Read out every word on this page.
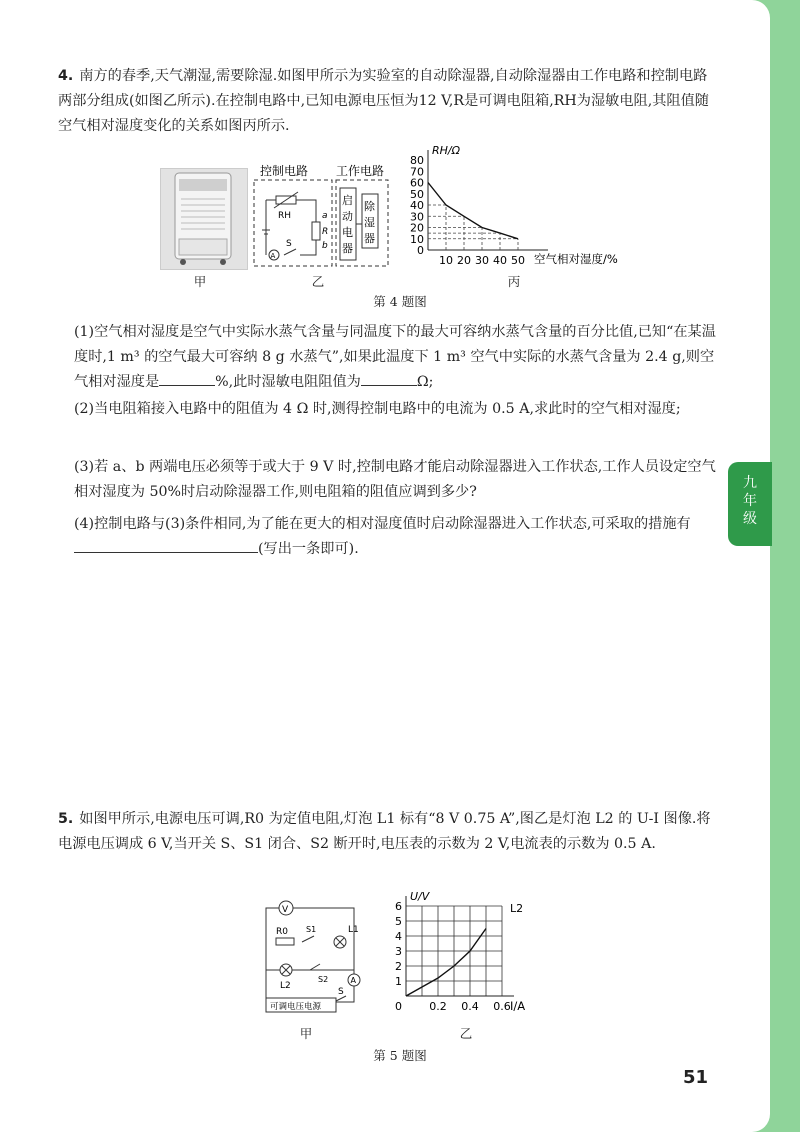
九
年
级
4. 南方的春季,天气潮湿,需要除湿.如图甲所示为实验室的自动除湿器,自动除湿器由工作电路和控制电路两部分组成(如图乙所示).在控制电路中,已知电源电压恒为12 V,R是可调电阻箱,RH为湿敏电阻,其阻值随空气相对湿度变化的关系如图丙所示.
甲
控制电路 工作电路
RH	a
R
b
A
S
启
动
电
器
除
湿
器
乙
0
10
20
30
40
50
60
70
80
10 20 30 40 50
RH/Ω
空气相对湿度/%
丙
第 4 题图
(1)空气相对湿度是空气中实际水蒸气含量与同温度下的最大可容纳水蒸气含量的百分比值,已知“在某温度时,1 m³ 的空气最大可容纳 8 g 水蒸气”,如果此温度下 1 m³ 空气中实际的水蒸气含量为 2.4 g,则空气相对湿度是	%,此时湿敏电阻阻值为	Ω;
(2)当电阻箱接入电路中的阻值为 4 Ω 时,测得控制电路中的电流为 0.5 A,求此时的空气相对湿度;
(3)若 a、b 两端电压必须等于或大于 9 V 时,控制电路才能启动除湿器进入工作状态,工作人员设定空气相对湿度为 50%时启动除湿器工作,则电阻箱的阻值应调到多少?
(4)控制电路与(3)条件相同,为了能在更大的相对湿度值时启动除湿器进入工作状态,可采取的措施有(写出一条即可).
5. 如图甲所示,电源电压可调,R0 为定值电阻,灯泡 L1 标有“8 V 0.75 A”,图乙是灯泡 L2 的 U-I 图像.将电源电压调成 6 V,当开关 S、S1 闭合、S2 断开时,电压表的示数为 2 V,电流表的示数为 0.5 A.
V
R0 S1
L2
S2
L1
A
S
可调电压电源
甲
1
2
3
4
5
6
0.2 0.4 0.6
0
U/V
I/A
L2
乙
第 5 题图
51
